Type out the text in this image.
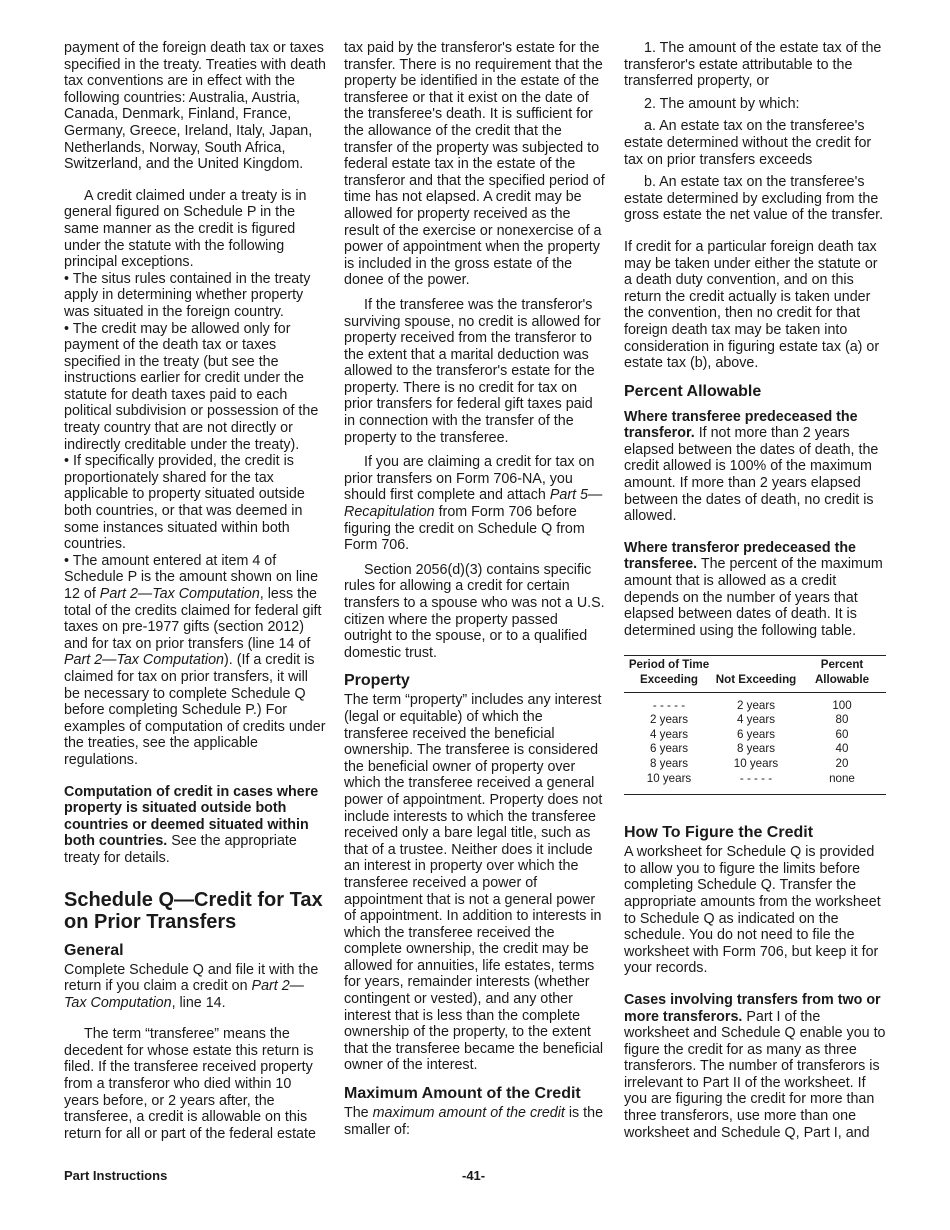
payment of the foreign death tax or taxes specified in the treaty. Treaties with death tax conventions are in effect with the following countries: Australia, Austria, Canada, Denmark, Finland, France, Germany, Greece, Ireland, Italy, Japan, Netherlands, Norway, South Africa, Switzerland, and the United Kingdom.

A credit claimed under a treaty is in general figured on Schedule P in the same manner as the credit is figured under the statute with the following principal exceptions.

• The situs rules contained in the treaty apply in determining whether property was situated in the foreign country.

• The credit may be allowed only for payment of the death tax or taxes specified in the treaty (but see the instructions earlier for credit under the statute for death taxes paid to each political subdivision or possession of the treaty country that are not directly or indirectly creditable under the treaty).

• If specifically provided, the credit is proportionately shared for the tax applicable to property situated outside both countries, or that was deemed in some instances situated within both countries.

• The amount entered at item 4 of Schedule P is the amount shown on line 12 of Part 2—Tax Computation, less the total of the credits claimed for federal gift taxes on pre-1977 gifts (section 2012) and for tax on prior transfers (line 14 of Part 2—Tax Computation). (If a credit is claimed for tax on prior transfers, it will be necessary to complete Schedule Q before completing Schedule P.) For examples of computation of credits under the treaties, see the applicable regulations.

Computation of credit in cases where property is situated outside both countries or deemed situated within both countries. See the appropriate treaty for details.

Schedule Q—Credit for Tax on Prior Transfers
General

Complete Schedule Q and file it with the return if you claim a credit on Part 2—Tax Computation, line 14.

The term “transferee” means the decedent for whose estate this return is filed. If the transferee received property from a transferor who died within 10 years before, or 2 years after, the transferee, a credit is allowable on this return for all or part of the federal estate

tax paid by the transferor's estate for the transfer. There is no requirement that the property be identified in the estate of the transferee or that it exist on the date of the transferee's death. It is sufficient for the allowance of the credit that the transfer of the property was subjected to federal estate tax in the estate of the transferor and that the specified period of time has not elapsed. A credit may be allowed for property received as the result of the exercise or nonexercise of a power of appointment when the property is included in the gross estate of the donee of the power.

If the transferee was the transferor's surviving spouse, no credit is allowed for property received from the transferor to the extent that a marital deduction was allowed to the transferor's estate for the property. There is no credit for tax on prior transfers for federal gift taxes paid in connection with the transfer of the property to the transferee.

If you are claiming a credit for tax on prior transfers on Form 706-NA, you should first complete and attach Part 5—Recapitulation from Form 706 before figuring the credit on Schedule Q from Form 706.

Section 2056(d)(3) contains specific rules for allowing a credit for certain transfers to a spouse who was not a U.S. citizen where the property passed outright to the spouse, or to a qualified domestic trust.

Property

The term “property” includes any interest (legal or equitable) of which the transferee received the beneficial ownership. The transferee is considered the beneficial owner of property over which the transferee received a general power of appointment. Property does not include interests to which the transferee received only a bare legal title, such as that of a trustee. Neither does it include an interest in property over which the transferee received a power of appointment that is not a general power of appointment. In addition to interests in which the transferee received the complete ownership, the credit may be allowed for annuities, life estates, terms for years, remainder interests (whether contingent or vested), and any other interest that is less than the complete ownership of the property, to the extent that the transferee became the beneficial owner of the interest.

Maximum Amount of the Credit

The maximum amount of the credit is the smaller of:

1. The amount of the estate tax of the transferor's estate attributable to the transferred property, or

2. The amount by which:

a. An estate tax on the transferee's estate determined without the credit for tax on prior transfers exceeds

b. An estate tax on the transferee's estate determined by excluding from the gross estate the net value of the transfer.

If credit for a particular foreign death tax may be taken under either the statute or a death duty convention, and on this return the credit actually is taken under the convention, then no credit for that foreign death tax may be taken into consideration in figuring estate tax (a) or estate tax (b), above.

Percent Allowable

Where transferee predeceased the transferor. If not more than 2 years elapsed between the dates of death, the credit allowed is 100% of the maximum amount. If more than 2 years elapsed between the dates of death, no credit is allowed.

Where transferor predeceased the transferee. The percent of the maximum amount that is allowed as a credit depends on the number of years that elapsed between dates of death. It is determined using the following table.

Period of Time Exceeding	Not Exceeding	Percent Allowable
- - - - -	2 years	100
2 years	4 years	80
4 years	6 years	60
6 years	8 years	40
8 years	10 years	20
10 years	- - - - -	none
How To Figure the Credit

A worksheet for Schedule Q is provided to allow you to figure the limits before completing Schedule Q. Transfer the appropriate amounts from the worksheet to Schedule Q as indicated on the schedule. You do not need to file the worksheet with Form 706, but keep it for your records.

Cases involving transfers from two or more transferors. Part I of the worksheet and Schedule Q enable you to figure the credit for as many as three transferors. The number of transferors is irrelevant to Part II of the worksheet. If you are figuring the credit for more than three transferors, use more than one worksheet and Schedule Q, Part I, and

Part Instructions	-41-
